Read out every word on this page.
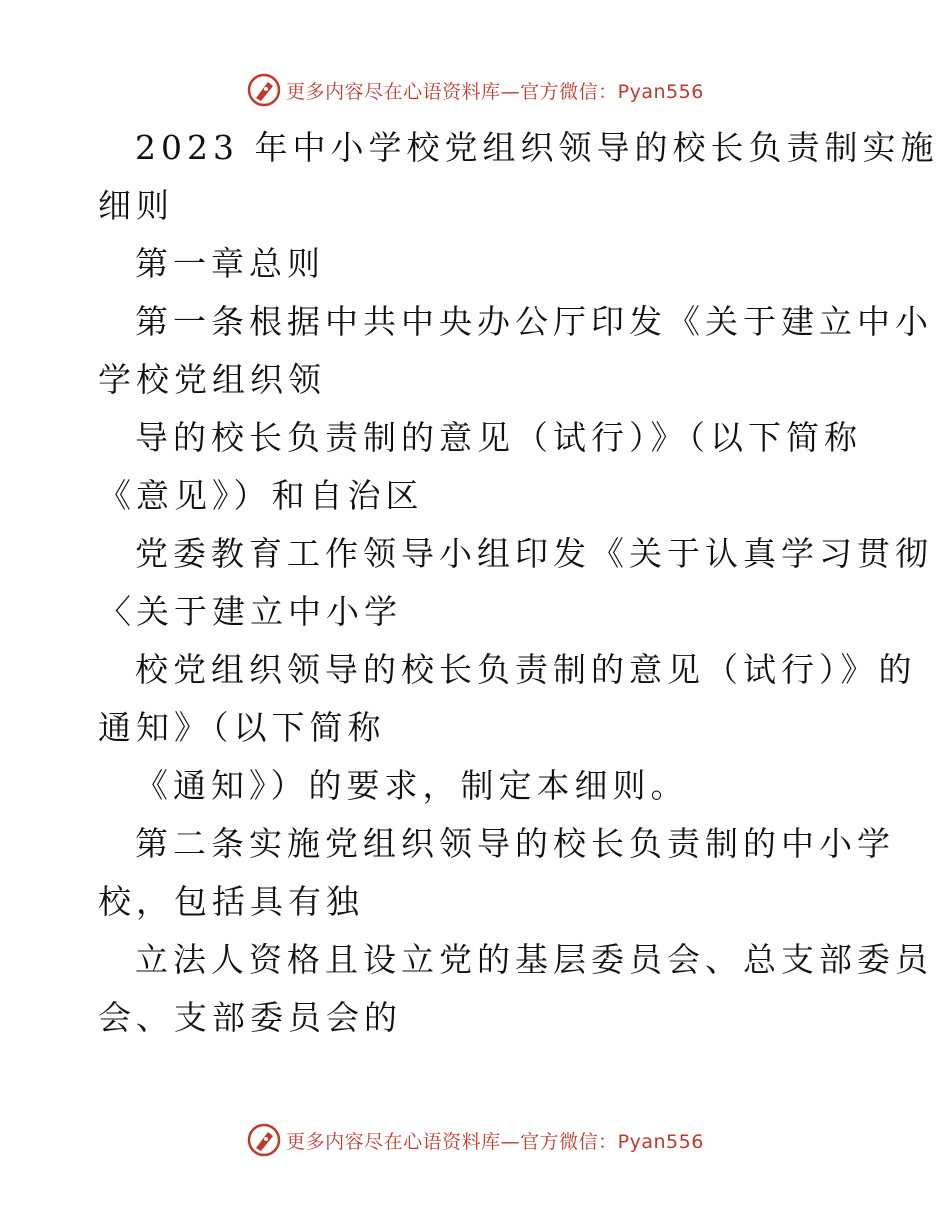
更多内容尽在心语资料库—官方微信：Pyan556
2023 年中小学校党组织领导的校长负责制实施
细则
第一章总则
第一条根据中共中央办公厅印发《关于建立中小
学校党组织领
导的校长负责制的意见（试行）》（以下简称
《意见》）和自治区
党委教育工作领导小组印发《关于认真学习贯彻
〈关于建立中小学
校党组织领导的校长负责制的意见（试行）》的
通知》（以下简称
《通知》）的要求，制定本细则。
第二条实施党组织领导的校长负责制的中小学
校，包括具有独
立法人资格且设立党的基层委员会、总支部委员
会、支部委员会的
更多内容尽在心语资料库—官方微信：Pyan556
